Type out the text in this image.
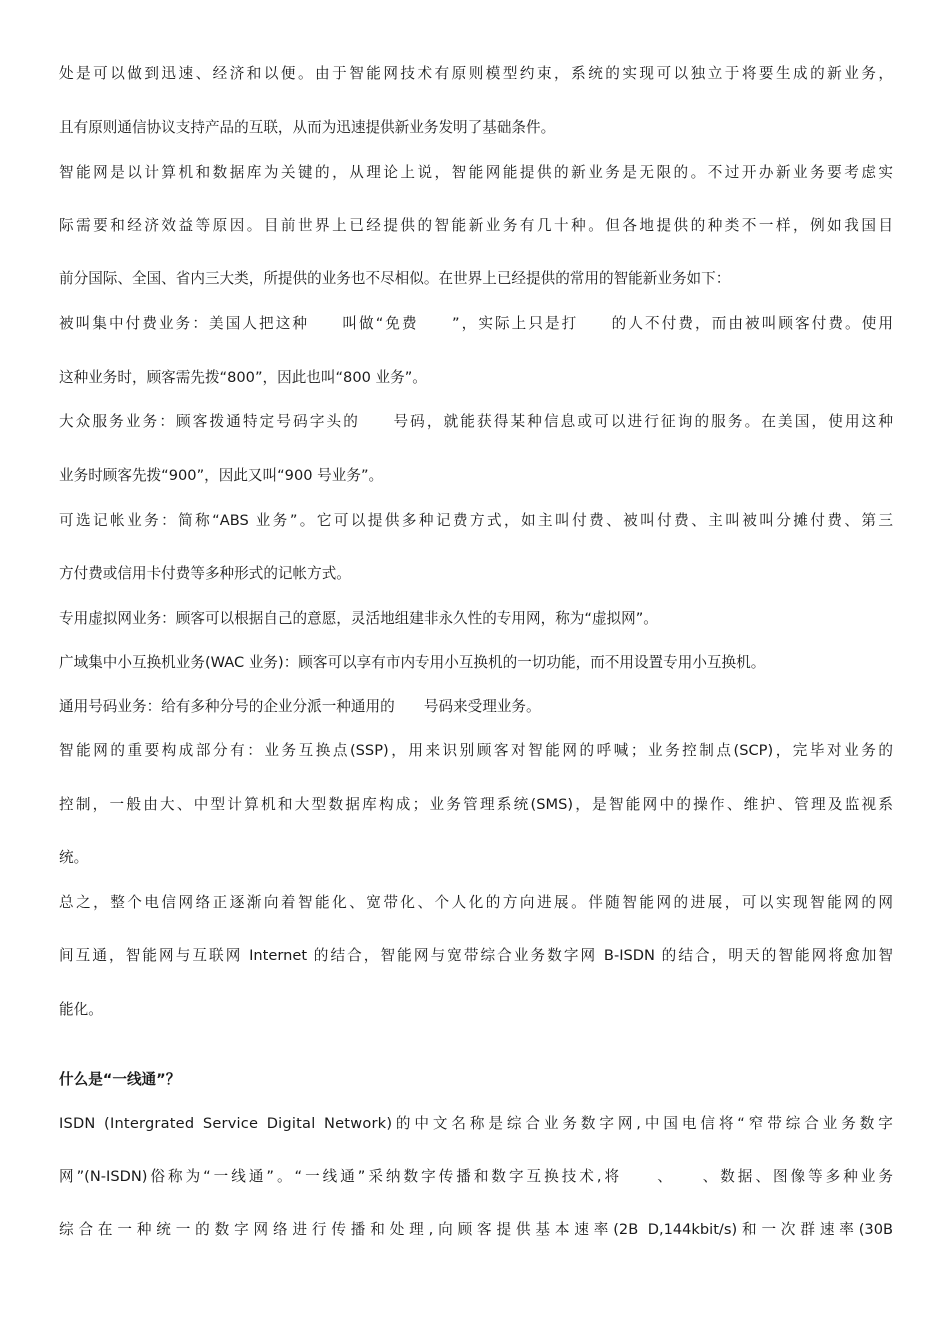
处是可以做到迅速、经济和以便。由于智能网技术有原则模型约束，系统的实现可以独立于将要生成的新业务，
且有原则通信协议支持产品的互联，从而为迅速提供新业务发明了基础条件。
智能网是以计算机和数据库为关键的，从理论上说，智能网能提供的新业务是无限的。不过开办新业务要考虑实
际需要和经济效益等原因。目前世界上已经提供的智能新业务有几十种。但各地提供的种类不一样，例如我国目
前分国际、全国、省内三大类，所提供的业务也不尽相似。在世界上已经提供的常用的智能新业务如下：
被叫集中付费业务：美国人把这种　　叫做“免费　　”，实际上只是打　　的人不付费，而由被叫顾客付费。使用
这种业务时，顾客需先拨“800”，因此也叫“800 业务”。
大众服务业务：顾客拨通特定号码字头的　　号码，就能获得某种信息或可以进行征询的服务。在美国，使用这种
业务时顾客先拨“900”，因此又叫“900 号业务”。
可选记帐业务：简称“ABS 业务”。它可以提供多种记费方式，如主叫付费、被叫付费、主叫被叫分摊付费、第三
方付费或信用卡付费等多种形式的记帐方式。
专用虚拟网业务：顾客可以根据自己的意愿，灵活地组建非永久性的专用网，称为“虚拟网”。
广域集中小互换机业务(WAC 业务)：顾客可以享有市内专用小互换机的一切功能，而不用设置专用小互换机。
通用号码业务：给有多种分号的企业分派一种通用的　　号码来受理业务。
智能网的重要构成部分有：业务互换点(SSP)，用来识别顾客对智能网的呼喊；业务控制点(SCP)，完毕对业务的
控制，一般由大、中型计算机和大型数据库构成；业务管理系统(SMS)，是智能网中的操作、维护、管理及监视系
统。
总之，整个电信网络正逐渐向着智能化、宽带化、个人化的方向进展。伴随智能网的进展，可以实现智能网的网
间互通，智能网与互联网 Internet 的结合，智能网与宽带综合业务数字网 B-ISDN 的结合，明天的智能网将愈加智
能化。
什么是“一线通”？
ISDN (Intergrated Service Digital Network)的中文名称是综合业务数字网,中国电信将“窄带综合业务数字
网”(N-ISDN)俗称为“一线通”。“一线通”采纳数字传播和数字互换技术,将　　、　　、数据、图像等多种业务
综合在一种统一的数字网络进行传播和处理,向顾客提供基本速率(2B D,144kbit/s)和一次群速率(30B
